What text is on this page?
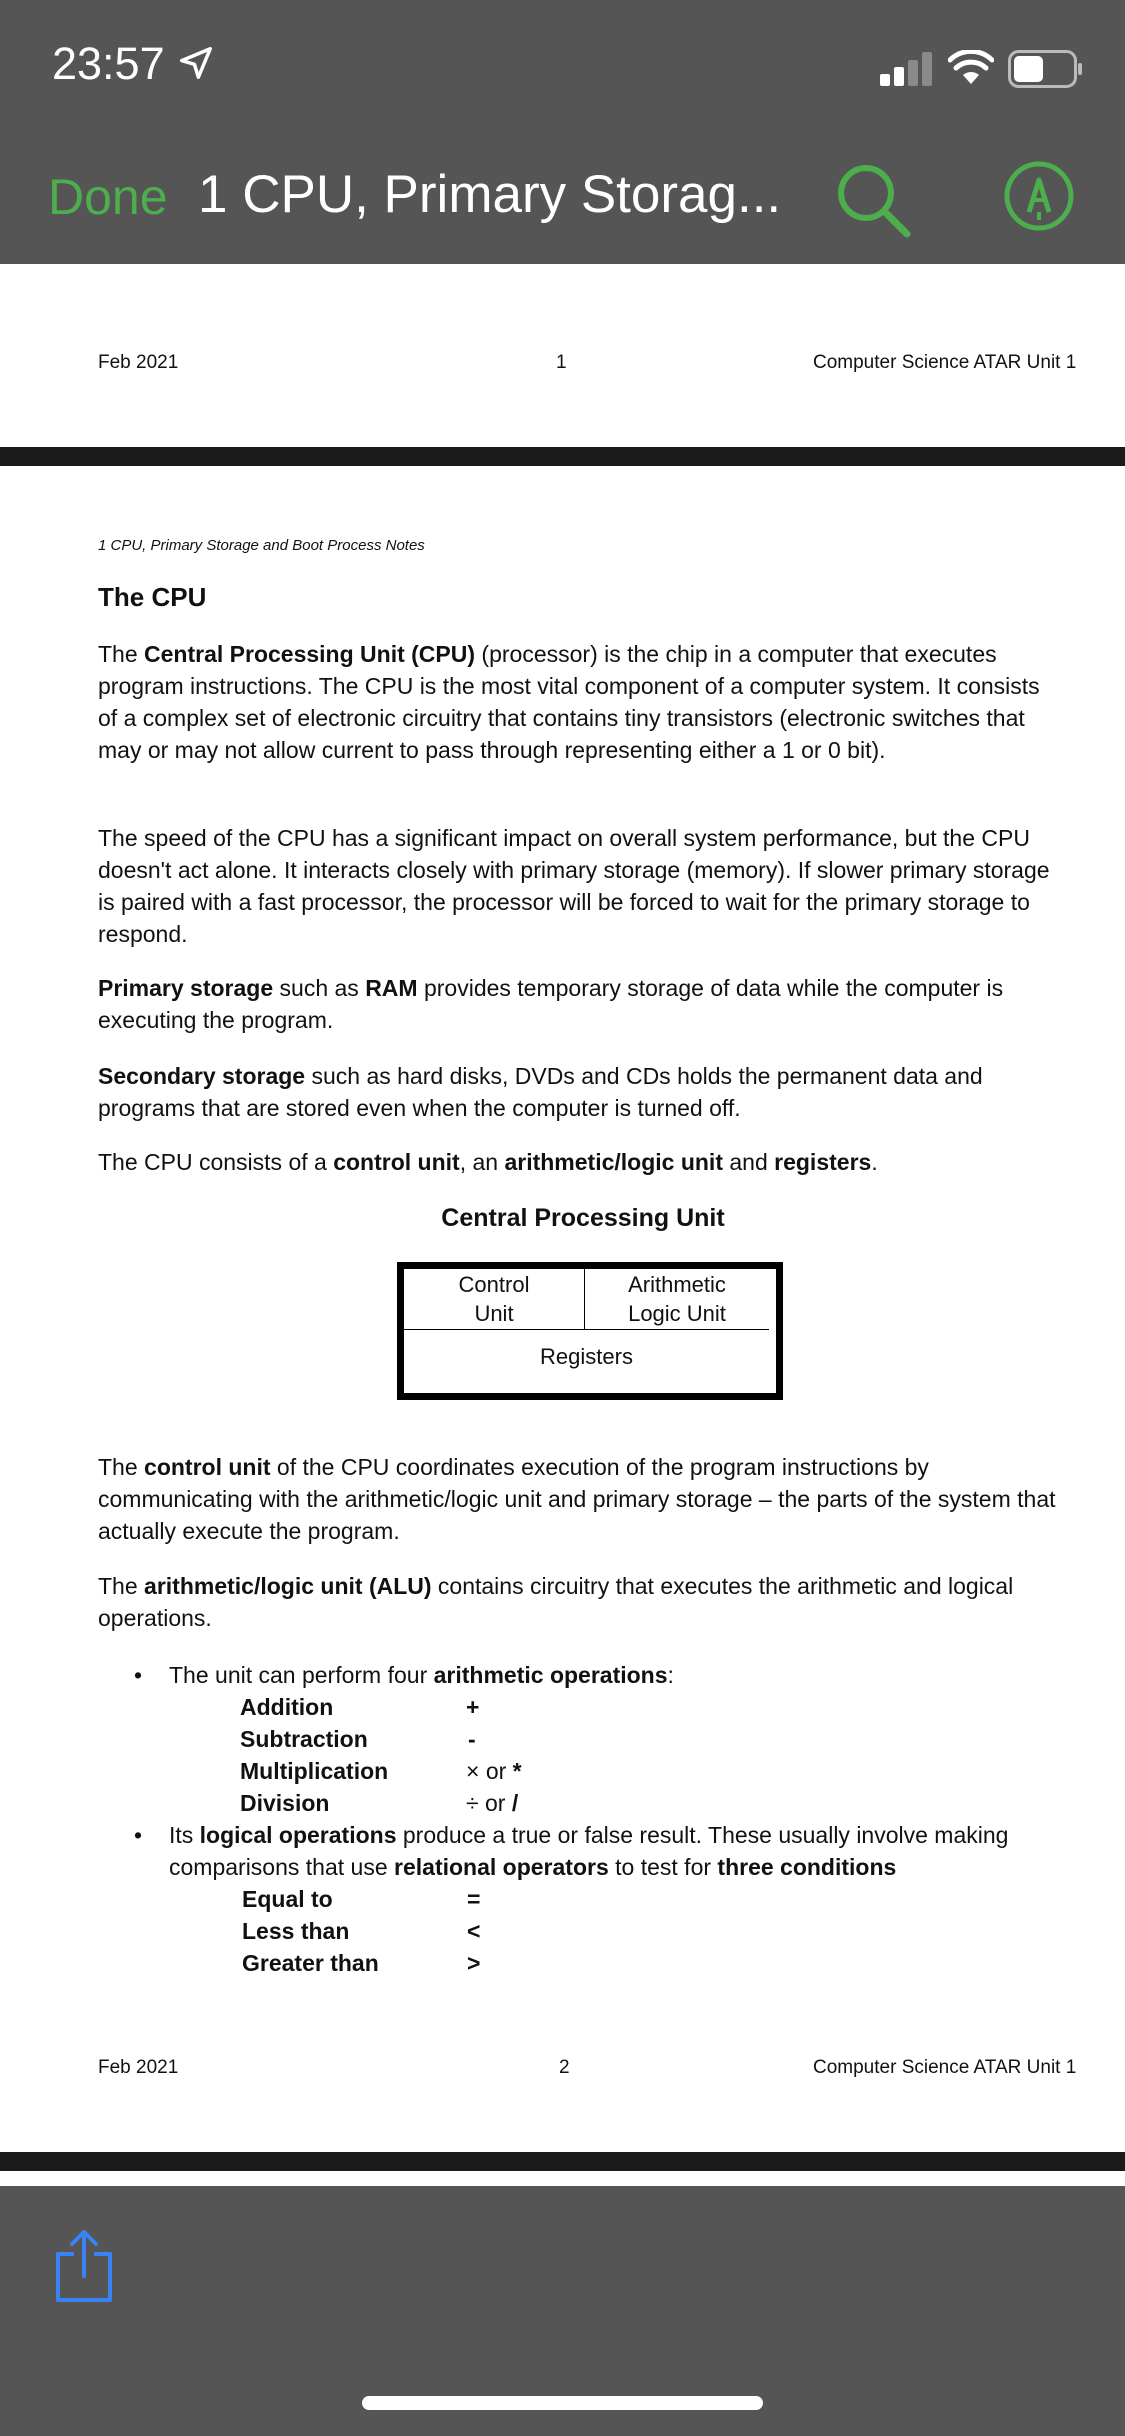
23:57
Done 1 CPU, Primary Storag...
Feb 2021	1	Computer Science ATAR Unit 1
1 CPU, Primary Storage and Boot Process Notes
The CPU

The Central Processing Unit (CPU) (processor) is the chip in a computer that executes program instructions. The CPU is the most vital component of a computer system. It consists of a complex set of electronic circuitry that contains tiny transistors (electronic switches that may or may not allow current to pass through representing either a 1 or 0 bit).

The speed of the CPU has a significant impact on overall system performance, but the CPU doesn't act alone. It interacts closely with primary storage (memory). If slower primary storage is paired with a fast processor, the processor will be forced to wait for the primary storage to respond.

Primary storage such as RAM provides temporary storage of data while the computer is executing the program.

Secondary storage such as hard disks, DVDs and CDs holds the permanent data and programs that are stored even when the computer is turned off.

The CPU consists of a control unit, an arithmetic/logic unit and registers.

Central Processing Unit
Control
Unit
Arithmetic
Logic Unit
Registers

The control unit of the CPU coordinates execution of the program instructions by communicating with the arithmetic/logic unit and primary storage – the parts of the system that actually execute the program.

The arithmetic/logic unit (ALU) contains circuitry that executes the arithmetic and logical operations.

• The unit can perform four arithmetic operations:
Addition	+
Subtraction	-
Multiplication	× or *
Division	÷ or /
• Its logical operations produce a true or false result. These usually involve making comparisons that use relational operators to test for three conditions
Equal to	=
Less than	<
Greater than	>
Feb 2021	2	Computer Science ATAR Unit 1
